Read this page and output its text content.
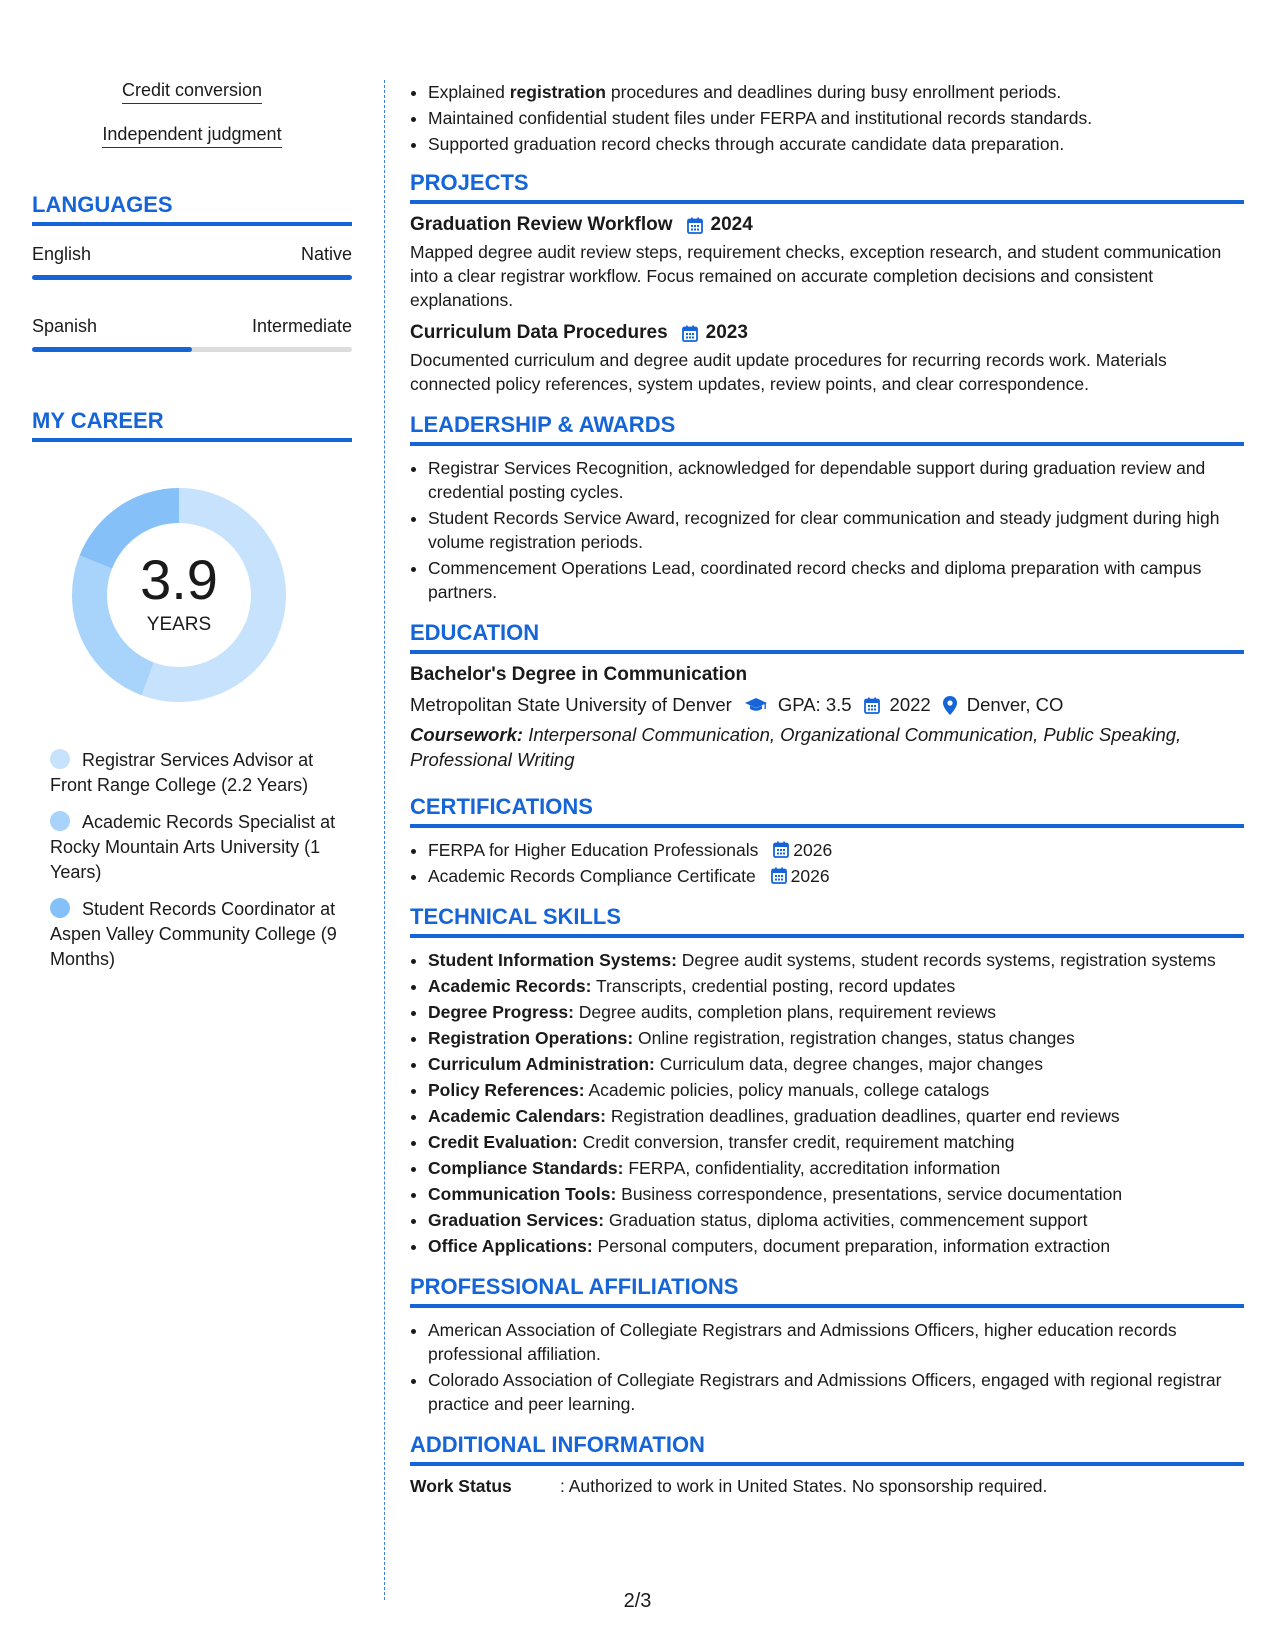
Credit conversion
Independent judgment
LANGUAGES
English	Native
Spanish	Intermediate
MY CAREER
3.9
YEARS
Registrar Services Advisor at Front Range College (2.2 Years)
Academic Records Specialist at Rocky Mountain Arts University (1 Years)
Student Records Coordinator at Aspen Valley Community College (9 Months)
• Explained registration procedures and deadlines during busy enrollment periods.
• Maintained confidential student files under FERPA and institutional records standards.
• Supported graduation record checks through accurate candidate data preparation.
PROJECTS
Graduation Review Workflow 2024
Mapped degree audit review steps, requirement checks, exception research, and student communication into a clear registrar workflow. Focus remained on accurate completion decisions and consistent explanations.
Curriculum Data Procedures 2023
Documented curriculum and degree audit update procedures for recurring records work. Materials connected policy references, system updates, review points, and clear correspondence.
LEADERSHIP & AWARDS
• Registrar Services Recognition, acknowledged for dependable support during graduation review and credential posting cycles.
• Student Records Service Award, recognized for clear communication and steady judgment during high volume registration periods.
• Commencement Operations Lead, coordinated record checks and diploma preparation with campus partners.
EDUCATION
Bachelor's Degree in Communication
Metropolitan State University of Denver GPA: 3.5 2022 Denver, CO
Coursework: Interpersonal Communication, Organizational Communication, Public Speaking, Professional Writing
CERTIFICATIONS
• FERPA for Higher Education Professionals 2026
• Academic Records Compliance Certificate 2026
TECHNICAL SKILLS
• Student Information Systems: Degree audit systems, student records systems, registration systems
• Academic Records: Transcripts, credential posting, record updates
• Degree Progress: Degree audits, completion plans, requirement reviews
• Registration Operations: Online registration, registration changes, status changes
• Curriculum Administration: Curriculum data, degree changes, major changes
• Policy References: Academic policies, policy manuals, college catalogs
• Academic Calendars: Registration deadlines, graduation deadlines, quarter end reviews
• Credit Evaluation: Credit conversion, transfer credit, requirement matching
• Compliance Standards: FERPA, confidentiality, accreditation information
• Communication Tools: Business correspondence, presentations, service documentation
• Graduation Services: Graduation status, diploma activities, commencement support
• Office Applications: Personal computers, document preparation, information extraction
PROFESSIONAL AFFILIATIONS
• American Association of Collegiate Registrars and Admissions Officers, higher education records professional affiliation.
• Colorado Association of Collegiate Registrars and Admissions Officers, engaged with regional registrar practice and peer learning.
ADDITIONAL INFORMATION
Work Status	: Authorized to work in United States. No sponsorship required.
2/3
